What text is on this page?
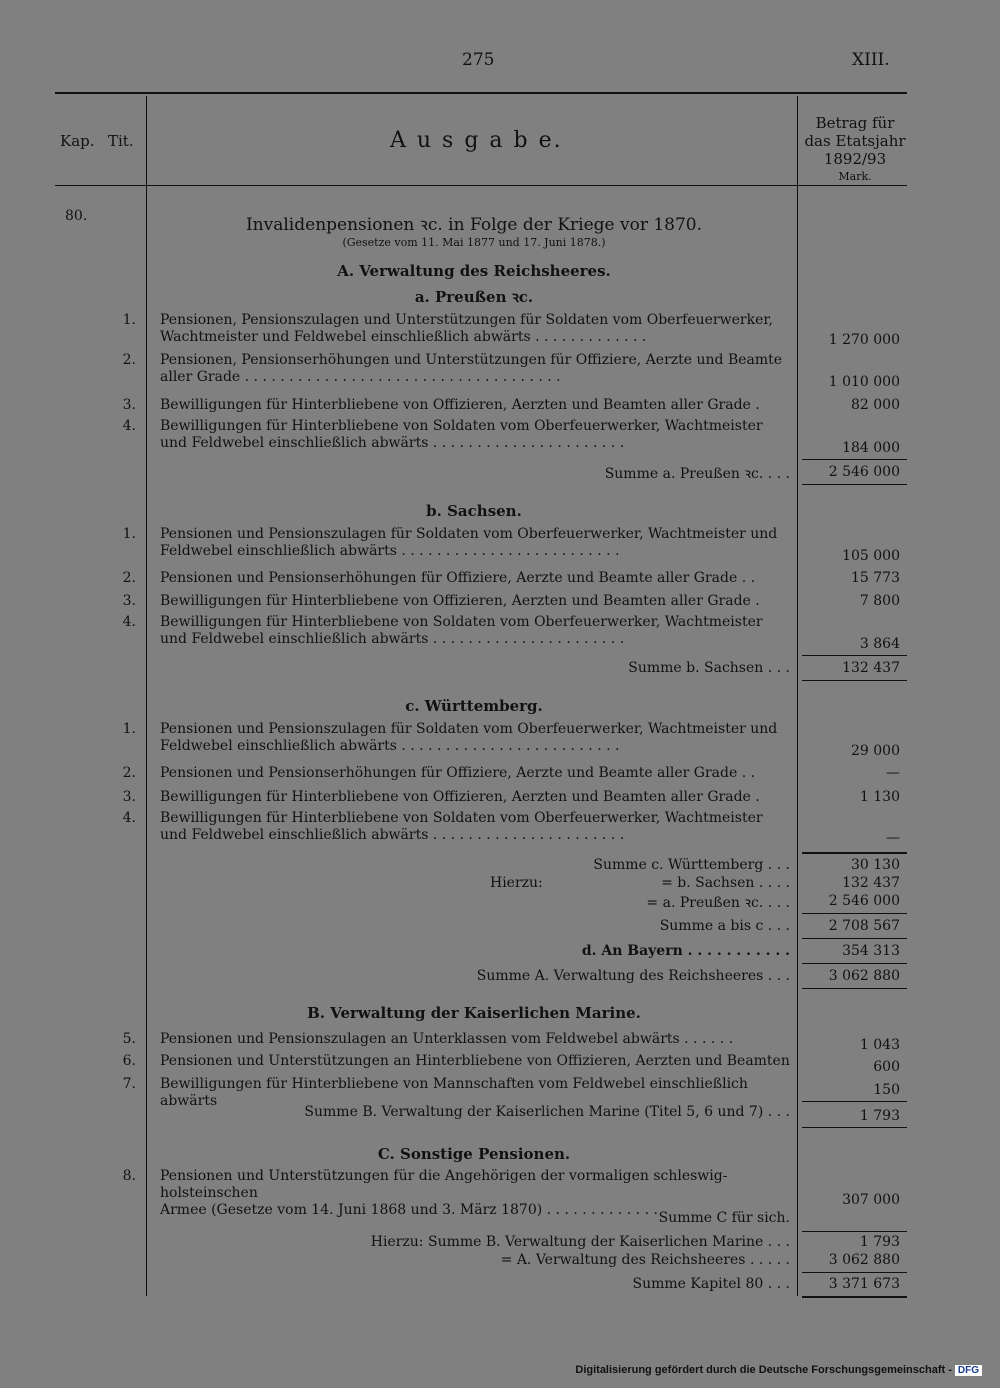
275	XIII.
Kap. Tit.	A u s g a b e.
Betrag für
das Etatsjahr
1892/93
Mark.
80.	Invalidenpensionen ꝛc. in Folge der Kriege vor 1870.
(Gesetze vom 11. Mai 1877 und 17. Juni 1878.)
A. Verwaltung des Reichsheeres.
a. Preußen ꝛc.
1. Pensionen, Pensionszulagen und Unterstützungen für Soldaten vom Oberfeuerwerker,
Wachtmeister und Feldwebel einschließlich abwärts . . . . . . . . . . . . .	1 270 000
2. Pensionen, Pensionserhöhungen und Unterstützungen für Offiziere, Aerzte und Beamte
aller Grade . . . . . . . . . . . . . . . . . . . . . . . . . . . . . . . . . . . .	1 010 000
3. Bewilligungen für Hinterbliebene von Offizieren, Aerzten und Beamten aller Grade .	82 000
4. Bewilligungen für Hinterbliebene von Soldaten vom Oberfeuerwerker, Wachtmeister
und Feldwebel einschließlich abwärts . . . . . . . . . . . . . . . . . . . . . .	184 000
Summe a. Preußen ꝛc. . . .	2 546 000
b. Sachsen.
1. Pensionen und Pensionszulagen für Soldaten vom Oberfeuerwerker, Wachtmeister und
Feldwebel einschließlich abwärts . . . . . . . . . . . . . . . . . . . . . . . . .	105 000
2. Pensionen und Pensionserhöhungen für Offiziere, Aerzte und Beamte aller Grade . .	15 773
3. Bewilligungen für Hinterbliebene von Offizieren, Aerzten und Beamten aller Grade .	7 800
4. Bewilligungen für Hinterbliebene von Soldaten vom Oberfeuerwerker, Wachtmeister
und Feldwebel einschließlich abwärts . . . . . . . . . . . . . . . . . . . . . .	3 864
Summe b. Sachsen . . .	132 437
c. Württemberg.
1. Pensionen und Pensionszulagen für Soldaten vom Oberfeuerwerker, Wachtmeister und
Feldwebel einschließlich abwärts . . . . . . . . . . . . . . . . . . . . . . . . .	29 000
2. Pensionen und Pensionserhöhungen für Offiziere, Aerzte und Beamte aller Grade . .	—
3. Bewilligungen für Hinterbliebene von Offizieren, Aerzten und Beamten aller Grade .	1 130
4. Bewilligungen für Hinterbliebene von Soldaten vom Oberfeuerwerker, Wachtmeister
und Feldwebel einschließlich abwärts . . . . . . . . . . . . . . . . . . . . . .	—
Summe c. Württemberg . . .	30 130
Hierzu:	= b. Sachsen . . . .	132 437
= a. Preußen ꝛc. . . .	2 546 000
Summe a bis c . . .	2 708 567
d. An Bayern . . . . . . . . . . .	354 313
Summe A. Verwaltung des Reichsheeres . . .	3 062 880
B. Verwaltung der Kaiserlichen Marine.
5. Pensionen und Pensionszulagen an Unterklassen vom Feldwebel abwärts . . . . . .	1 043
6. Pensionen und Unterstützungen an Hinterbliebene von Offizieren, Aerzten und Beamten	600
7. Bewilligungen für Hinterbliebene von Mannschaften vom Feldwebel einschließlich abwärts
150
Summe B. Verwaltung der Kaiserlichen Marine (Titel 5, 6 und 7) . . .	1 793
C. Sonstige Pensionen.
8. Pensionen und Unterstützungen für die Angehörigen der vormaligen schleswig-holsteinschen
Armee (Gesetze vom 14. Juni 1868 und 3. März 1870) . . . . . . . . . . . . .
307 000
Summe C für sich.
Hierzu: Summe B. Verwaltung der Kaiserlichen Marine . . .	1 793
= A. Verwaltung des Reichsheeres . . . . .	3 062 880
Summe Kapitel 80 . . .	3 371 673
Digitalisierung gefördert durch die Deutsche Forschungsgemeinschaft - DFG
